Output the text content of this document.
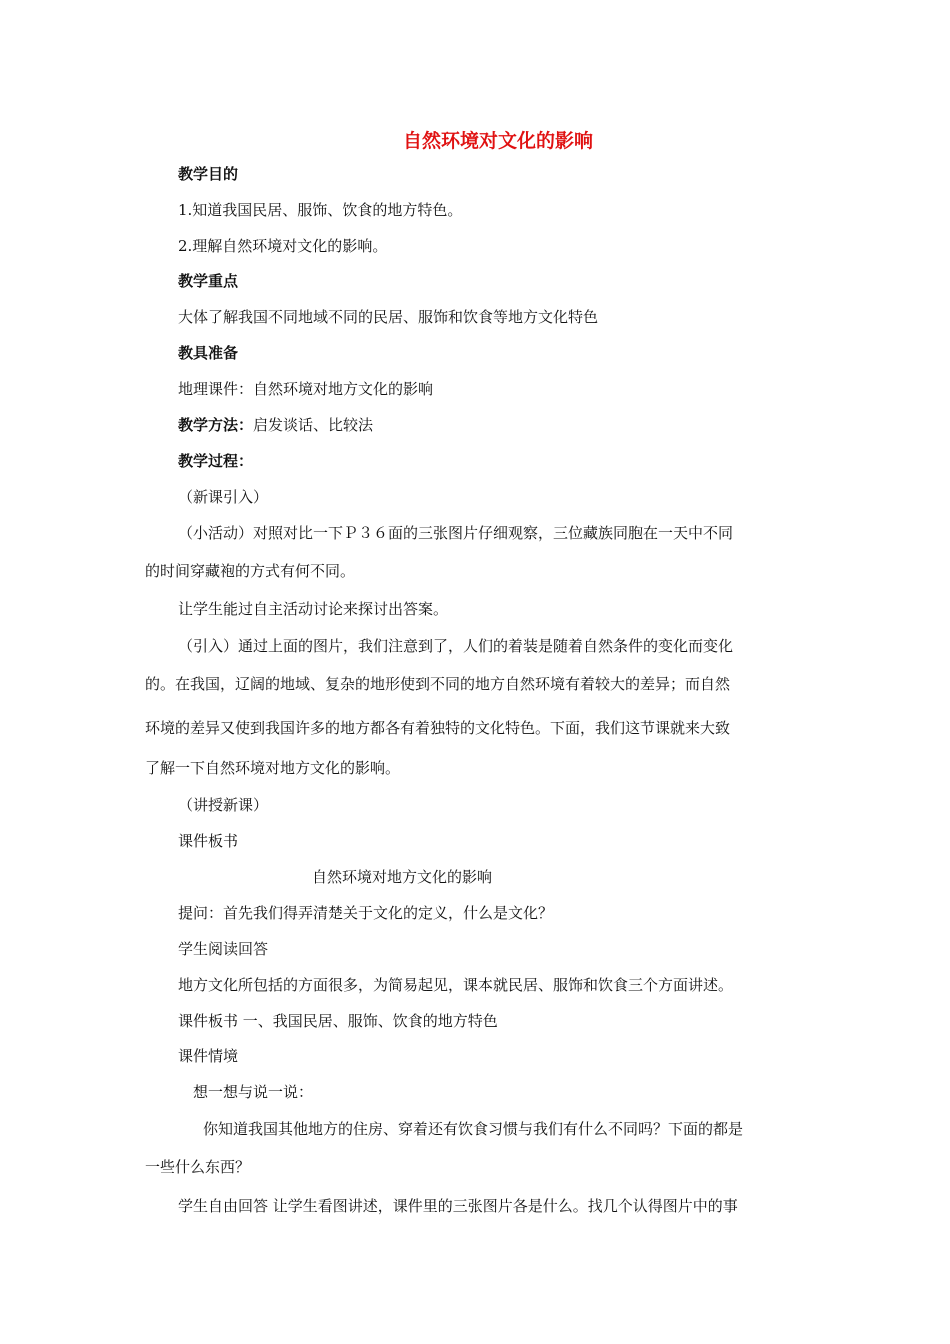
自然环境对文化的影响
教学目的
1.知道我国民居、服饰、饮食的地方特色。
2.理解自然环境对文化的影响。
教学重点
大体了解我国不同地域不同的民居、服饰和饮食等地方文化特色
教具准备
地理课件：自然环境对地方文化的影响
教学方法：启发谈话、比较法
教学过程：
（新课引入）
（小活动）对照对比一下Ｐ３６面的三张图片仔细观察，三位藏族同胞在一天中不同
的时间穿藏袍的方式有何不同。
让学生能过自主活动讨论来探讨出答案。
（引入）通过上面的图片，我们注意到了，人们的着装是随着自然条件的变化而变化
的。在我国，辽阔的地域、复杂的地形使到不同的地方自然环境有着较大的差异；而自然
环境的差异又使到我国许多的地方都各有着独特的文化特色。下面，我们这节课就来大致
了解一下自然环境对地方文化的影响。
（讲授新课）
课件板书
自然环境对地方文化的影响
提问：首先我们得弄清楚关于文化的定义，什么是文化？
学生阅读回答
地方文化所包括的方面很多，为简易起见，课本就民居、服饰和饮食三个方面讲述。
课件板书 一、我国民居、服饰、饮食的地方特色
课件情境
想一想与说一说：
你知道我国其他地方的住房、穿着还有饮食习惯与我们有什么不同吗？下面的都是
一些什么东西？
学生自由回答 让学生看图讲述，课件里的三张图片各是什么。找几个认得图片中的事
